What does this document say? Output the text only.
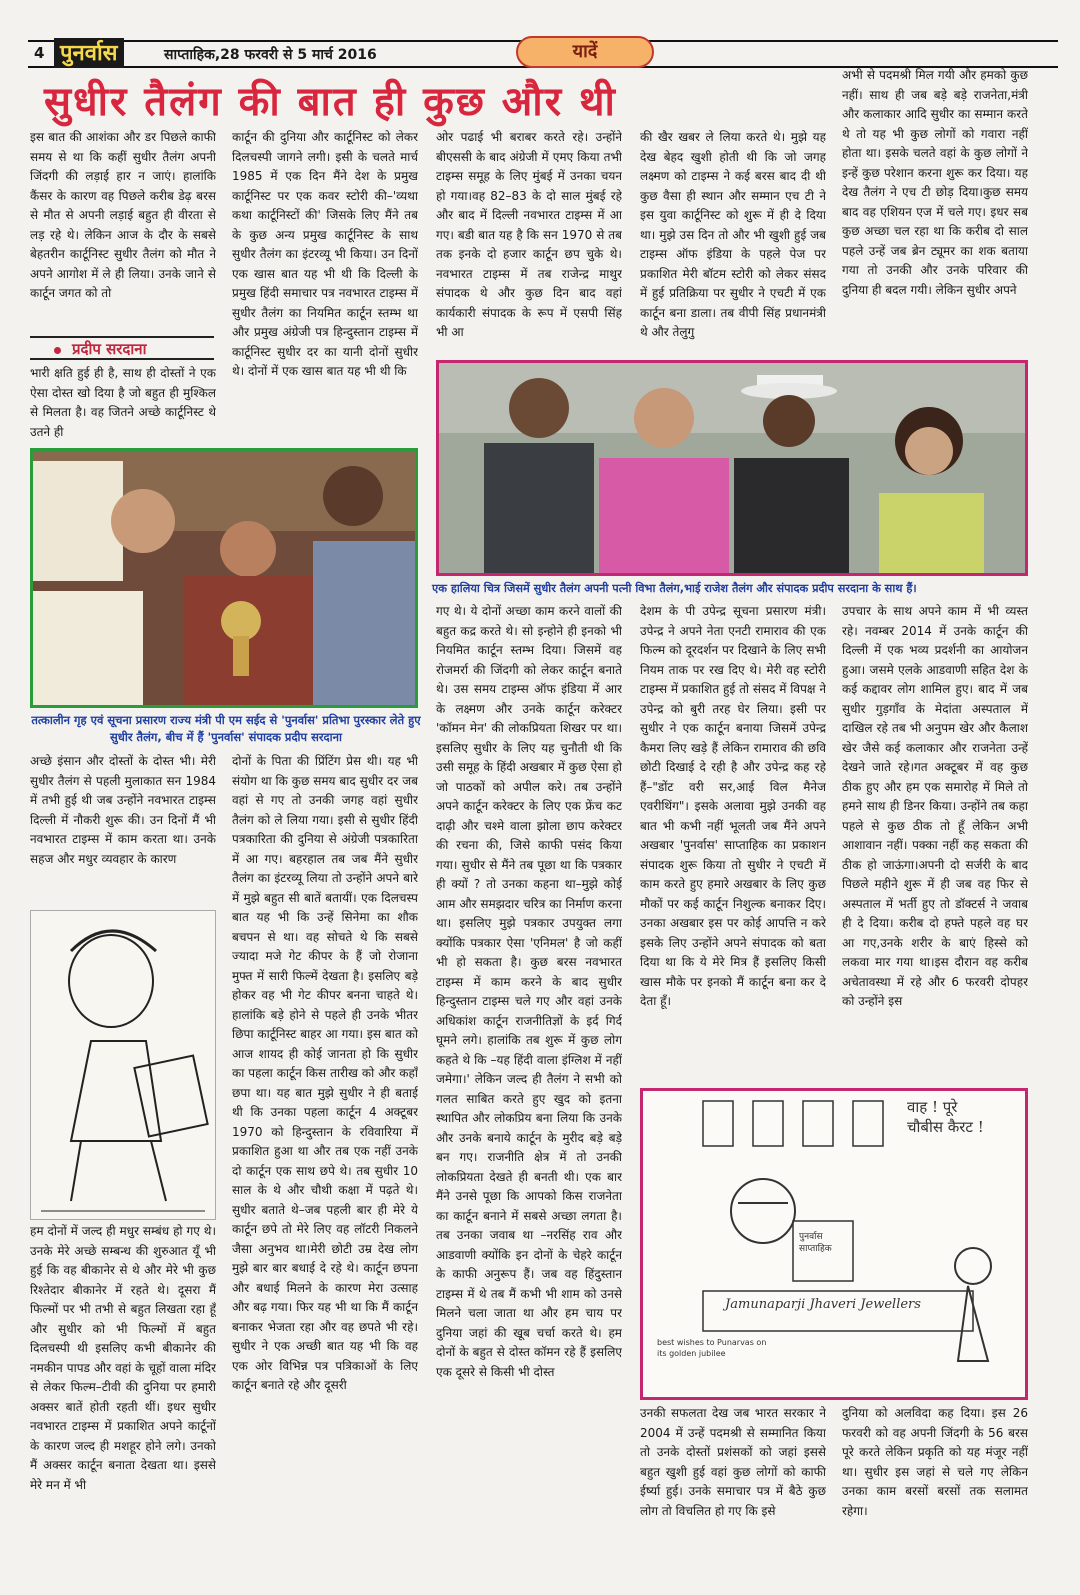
4 पुनर्वास	साप्ताहिक,28 फरवरी से 5 मार्च 2016	यादें
सुधीर तैलंग की बात ही कुछ और थी

इस बात की आशंका और डर पिछले काफी समय से था कि कहीं सुधीर तैलंग अपनी जिंदगी की लड़ाई हार न जाएं। हालांकि कैंसर के कारण वह पिछले करीब डेढ़ बरस से मौत से अपनी लड़ाई बहुत ही वीरता से लड़ रहे थे। लेकिन आज के दौर के सबसे बेहतरीन कार्टूनिस्ट सुधीर तैलंग को मौत ने अपने आगोश में ले ही लिया। उनके जाने से कार्टून जगत को तो

प्रदीप सरदाना

भारी क्षति हुई ही है, साथ ही दोस्तों ने एक ऐसा दोस्त खो दिया है जो बहुत ही मुश्किल से मिलता है। वह जितने अच्छे कार्टूनिस्ट थे उतने ही

तत्कालीन गृह एवं सूचना प्रसारण राज्य मंत्री पी एम सईद से 'पुनर्वास' प्रतिभा पुरस्कार लेते हुए सुधीर तैलंग, बीच में हैं 'पुनर्वास' संपादक प्रदीप सरदाना

अच्छे इंसान और दोस्तों के दोस्त भी। मेरी सुधीर तैलंग से पहली मुलाकात सन 1984 में तभी हुई थी जब उन्होंने नवभारत टाइम्स दिल्ली में नौकरी शुरू की। उन दिनों मैं भी नवभारत टाइम्स में काम करता था। उनके सहज और मधुर व्यवहार के कारण

हम दोनों में जल्द ही मधुर सम्बंध हो गए थे। उनके मेरे अच्छे सम्बन्ध की शुरुआत यूँ भी हुई कि वह बीकानेर से थे और मेरे भी कुछ रिश्तेदार बीकानेर में रहते थे। दूसरा मैं फिल्मों पर भी तभी से बहुत लिखता रहा हूँ और सुधीर को भी फिल्मों में बहुत दिलचस्पी थी इसलिए कभी बीकानेर की नमकीन पापड और वहां के चूहों वाला मंदिर से लेकर फिल्म–टीवी की दुनिया पर हमारी अक्सर बातें होती रहती थीं। इधर सुधीर नवभारत टाइम्स में प्रकाशित अपने कार्टूनों के कारण जल्द ही मशहूर होने लगे। उनको मैं अक्सर कार्टून बनाता देखता था। इससे मेरे मन में भी

कार्टून की दुनिया और कार्टूनिस्ट को लेकर दिलचस्पी जागने लगी। इसी के चलते मार्च 1985 में एक दिन मैंने देश के प्रमुख कार्टूनिस्ट पर एक कवर स्टोरी की–'व्यथा कथा कार्टूनिस्टों की' जिसके लिए मैंने तब के कुछ अन्य प्रमुख कार्टूनिस्ट के साथ सुधीर तैलंग का इंटरव्यू भी किया। उन दिनों एक खास बात यह भी थी कि दिल्ली के प्रमुख हिंदी समाचार पत्र नवभारत टाइम्स में सुधीर तैलंग का नियमित कार्टून स्तम्भ था और प्रमुख अंग्रेजी पत्र हिन्दुस्तान टाइम्स में कार्टूनिस्ट सुधीर दर का यानी दोनों सुधीर थे। दोनों में एक खास बात यह भी थी कि

दोनों के पिता की प्रिंटिंग प्रेस थी। यह भी संयोग था कि कुछ समय बाद सुधीर दर जब वहां से गए तो उनकी जगह वहां सुधीर तैलंग को ले लिया गया। इसी से सुधीर हिंदी पत्रकारिता की दुनिया से अंग्रेजी पत्रकारिता में आ गए। बहरहाल तब जब मैंने सुधीर तैलंग का इंटरव्यू लिया तो उन्होंने अपने बारे में मुझे बहुत सी बातें बतायीं। एक दिलचस्प बात यह भी कि उन्हें सिनेमा का शौक बचपन से था। वह सोचते थे कि सबसे ज्यादा मजे गेट कीपर के हैं जो रोजाना मुफ्त में सारी फिल्में देखता है। इसलिए बड़े होकर वह भी गेट कीपर बनना चाहते थे। हालांकि बड़े होने से पहले ही उनके भीतर छिपा कार्टूनिस्ट बाहर आ गया। इस बात को आज शायद ही कोई जानता हो कि सुधीर का पहला कार्टून किस तारीख को और कहाँ छपा था। यह बात मुझे सुधीर ने ही बताई थी कि उनका पहला कार्टून 4 अक्टूबर 1970 को हिन्दुस्तान के रविवारिया में प्रकाशित हुआ था और तब एक नहीं उनके दो कार्टून एक साथ छपे थे। तब सुधीर 10 साल के थे और चौथी कक्षा में पढ़ते थे। सुधीर बताते थे–जब पहली बार ही मेरे ये कार्टून छपे तो मेरे लिए वह लॉटरी निकलने जैसा अनुभव था।मेरी छोटी उम्र देख लोग मुझे बार बार बधाई दे रहे थे। कार्टून छपना और बधाई मिलने के कारण मेरा उत्साह और बढ़ गया। फिर यह भी था कि मैं कार्टून बनाकर भेजता रहा और वह छपते भी रहे। सुधीर ने एक अच्छी बात यह भी कि वह एक ओर विभिन्न पत्र पत्रिकाओं के लिए कार्टून बनाते रहे और दूसरी

ओर पढाई भी बराबर करते रहे। उन्होंने बीएससी के बाद अंग्रेजी में एमए किया तभी टाइम्स समूह के लिए मुंबई में उनका चयन हो गया।वह 82–83 के दो साल मुंबई रहे और बाद में दिल्ली नवभारत टाइम्स में आ गए। बडी बात यह है कि सन 1970 से तब तक इनके दो हजार कार्टून छप चुके थे। नवभारत टाइम्स में तब राजेन्द्र माथुर संपादक थे और कुछ दिन बाद वहां कार्यकारी संपादक के रूप में एसपी सिंह भी आ

की खैर खबर ले लिया करते थे। मुझे यह देख बेहद खुशी होती थी कि जो जगह लक्ष्मण को टाइम्स ने कई बरस बाद दी थी कुछ वैसा ही स्थान और सम्मान एच टी ने इस युवा कार्टूनिस्ट को शुरू में ही दे दिया था। मुझे उस दिन तो और भी खुशी हुई जब टाइम्स ऑफ इंडिया के पहले पेज पर प्रकाशित मेरी बॉटम स्टोरी को लेकर संसद में हुई प्रतिक्रिया पर सुधीर ने एचटी में एक कार्टून बना डाला। तब वीपी सिंह प्रधानमंत्री थे और तेलुगु

अभी से पदमश्री मिल गयी और हमको कुछ नहीं। साथ ही जब बड़े बड़े राजनेता,मंत्री और कलाकार आदि सुधीर का सम्मान करते थे तो यह भी कुछ लोगों को गवारा नहीं होता था। इसके चलते वहां के कुछ लोगों ने इन्हें कुछ परेशान करना शुरू कर दिया। यह देख तैलंग ने एच टी छोड़ दिया।कुछ समय बाद वह एशियन एज में चले गए। इधर सब कुछ अच्छा चल रहा था कि करीब दो साल पहले उन्हें जब ब्रेन ट्यूमर का शक बताया गया तो उनकी और उनके परिवार की दुनिया ही बदल गयी। लेकिन सुधीर अपने

एक हालिया चित्र जिसमें सुधीर तैलंग अपनी पत्नी विभा तैलंग,भाई राजेश तैलंग और संपादक प्रदीप सरदाना के साथ हैं।

गए थे। ये दोनों अच्छा काम करने वालों की बहुत कद्र करते थे। सो इन्होने ही इनको भी नियमित कार्टून स्तम्भ दिया। जिसमें वह रोजमर्रा की जिंदगी को लेकर कार्टून बनाते थे। उस समय टाइम्स ऑफ इंडिया में आर के लक्ष्मण और उनके कार्टून करेक्टर 'कॉमन मेन' की लोकप्रियता शिखर पर था। इसलिए सुधीर के लिए यह चुनौती थी कि उसी समूह के हिंदी अखबार में कुछ ऐसा हो जो पाठकों को अपील करे। तब उन्होंने अपने कार्टून करेक्टर के लिए एक फ्रेंच कट दाढ़ी और चश्मे वाला झोला छाप करेक्टर की रचना की, जिसे काफी पसंद किया गया। सुधीर से मैंने तब पूछा था कि पत्रकार ही क्यों ? तो उनका कहना था–मुझे कोई आम और समझदार चरित्र का निर्माण करना था। इसलिए मुझे पत्रकार उपयुक्त लगा क्योंकि पत्रकार ऐसा 'एनिमल' है जो कहीं भी हो सकता है। कुछ बरस नवभारत टाइम्स में काम करने के बाद सुधीर हिन्दुस्तान टाइम्स चले गए और वहां उनके अधिकांश कार्टून राजनीतिज्ञों के इर्द गिर्द घूमने लगे। हालांकि तब शुरू में कुछ लोग कहते थे कि –यह हिंदी वाला इंग्लिश में नहीं जमेगा।' लेकिन जल्द ही तैलंग ने सभी को गलत साबित करते हुए खुद को इतना स्थापित और लोकप्रिय बना लिया कि उनके और उनके बनाये कार्टून के मुरीद बड़े बड़े बन गए। राजनीति क्षेत्र में तो उनकी लोकप्रियता देखते ही बनती थी। एक बार मैंने उनसे पूछा कि आपको किस राजनेता का कार्टून बनाने में सबसे अच्छा लगता है। तब उनका जवाब था –नरसिंह राव और आडवाणी क्योंकि इन दोनों के चेहरे कार्टून के काफी अनुरूप हैं। जब वह हिंदुस्तान टाइम्स में थे तब मैं कभी भी शाम को उनसे मिलने चला जाता था और हम चाय पर दुनिया जहां की खूब चर्चा करते थे। हम दोनों के बहुत से दोस्त कॉमन रहे हैं इसलिए एक दूसरे से किसी भी दोस्त

देशम के पी उपेन्द्र सूचना प्रसारण मंत्री। उपेन्द्र ने अपने नेता एनटी रामाराव की एक फिल्म को दूरदर्शन पर दिखाने के लिए सभी नियम ताक पर रख दिए थे। मेरी वह स्टोरी टाइम्स में प्रकाशित हुई तो संसद में विपक्ष ने उपेन्द्र को बुरी तरह घेर लिया। इसी पर सुधीर ने एक कार्टून बनाया जिसमें उपेन्द्र कैमरा लिए खड़े हैं लेकिन रामाराव की छवि छोटी दिखाई दे रही है और उपेन्द्र कह रहे हैं–"डोंट वरी सर,आई विल मैनेज एवरीथिंग"। इसके अलावा मुझे उनकी वह बात भी कभी नहीं भूलती जब मैंने अपने अखबार 'पुनर्वास' साप्ताहिक का प्रकाशन संपादक शुरू किया तो सुधीर ने एचटी में काम करते हुए हमारे अखबार के लिए कुछ मौकों पर कई कार्टून निशुल्क बनाकर दिए। उनका अखबार इस पर कोई आपत्ति न करे इसके लिए उन्होंने अपने संपादक को बता दिया था कि ये मेरे मित्र हैं इसलिए किसी खास मौके पर इनको मैं कार्टून बना कर दे देता हूँ।

उपचार के साथ अपने काम में भी व्यस्त रहे। नवम्बर 2014 में उनके कार्टून की दिल्ली में एक भव्य प्रदर्शनी का आयोजन हुआ। जसमे एलके आडवाणी सहित देश के कई कद्दावर लोग शामिल हुए। बाद में जब सुधीर गुड़गाँव के मेदांता अस्पताल में दाखिल रहे तब भी अनुपम खेर और कैलाश खेर जैसे कई कलाकार और राजनेता उन्हें देखने जाते रहे।गत अक्टूबर में वह कुछ ठीक हुए और हम एक समारोह में मिले तो हमने साथ ही डिनर किया। उन्होंने तब कहा पहले से कुछ ठीक तो हूँ लेकिन अभी आशावान नहीं। पक्का नहीं कह सकता की ठीक हो जाऊंगा।अपनी दो सर्जरी के बाद पिछले महीने शुरू में ही जब वह फिर से अस्पताल में भर्ती हुए तो डॉक्टर्स ने जवाब ही दे दिया। करीब दो हफ्ते पहले वह घर आ गए,उनके शरीर के बाएं हिस्से को लकवा मार गया था।इस दौरान वह करीब अचेतावस्था में रहे और 6 फरवरी दोपहर को उन्होंने इस

वाह ! पूरे चौबीस कैरट !
Jamunaparji Jhaveri Jewellers
पुनर्वास साप्ताहिक
best wishes to Punarvas on its golden jubilee

उनकी सफलता देख जब भारत सरकार ने 2004 में उन्हें पदमश्री से सम्मानित किया तो उनके दोस्तों प्रशंसकों को जहां इससे बहुत खुशी हुई वहां कुछ लोगों को काफी ईर्ष्या हुई। उनके समाचार पत्र में बैठे कुछ लोग तो विचलित हो गए कि इसे

दुनिया को अलविदा कह दिया। इस 26 फरवरी को वह अपनी जिंदगी के 56 बरस पूरे करते लेकिन प्रकृति को यह मंजूर नहीं था। सुधीर इस जहां से चले गए लेकिन उनका काम बरसों बरसों तक सलामत रहेगा।
